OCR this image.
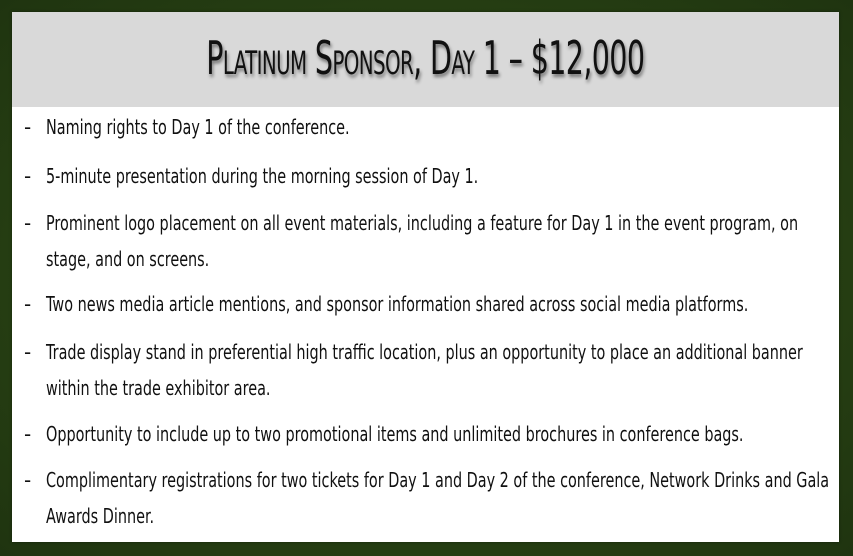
Platinum Sponsor, Day 1 – $12,000
- Naming rights to Day 1 of the conference.
- 5-minute presentation during the morning session of Day 1.
- Prominent logo placement on all event materials, including a feature for Day 1 in the event program, on stage, and on screens.
- Two news media article mentions, and sponsor information shared across social media platforms.
- Trade display stand in preferential high traffic location, plus an opportunity to place an additional banner within the trade exhibitor area.
- Opportunity to include up to two promotional items and unlimited brochures in conference bags.
- Complimentary registrations for two tickets for Day 1 and Day 2 of the conference, Network Drinks and Gala Awards Dinner.
